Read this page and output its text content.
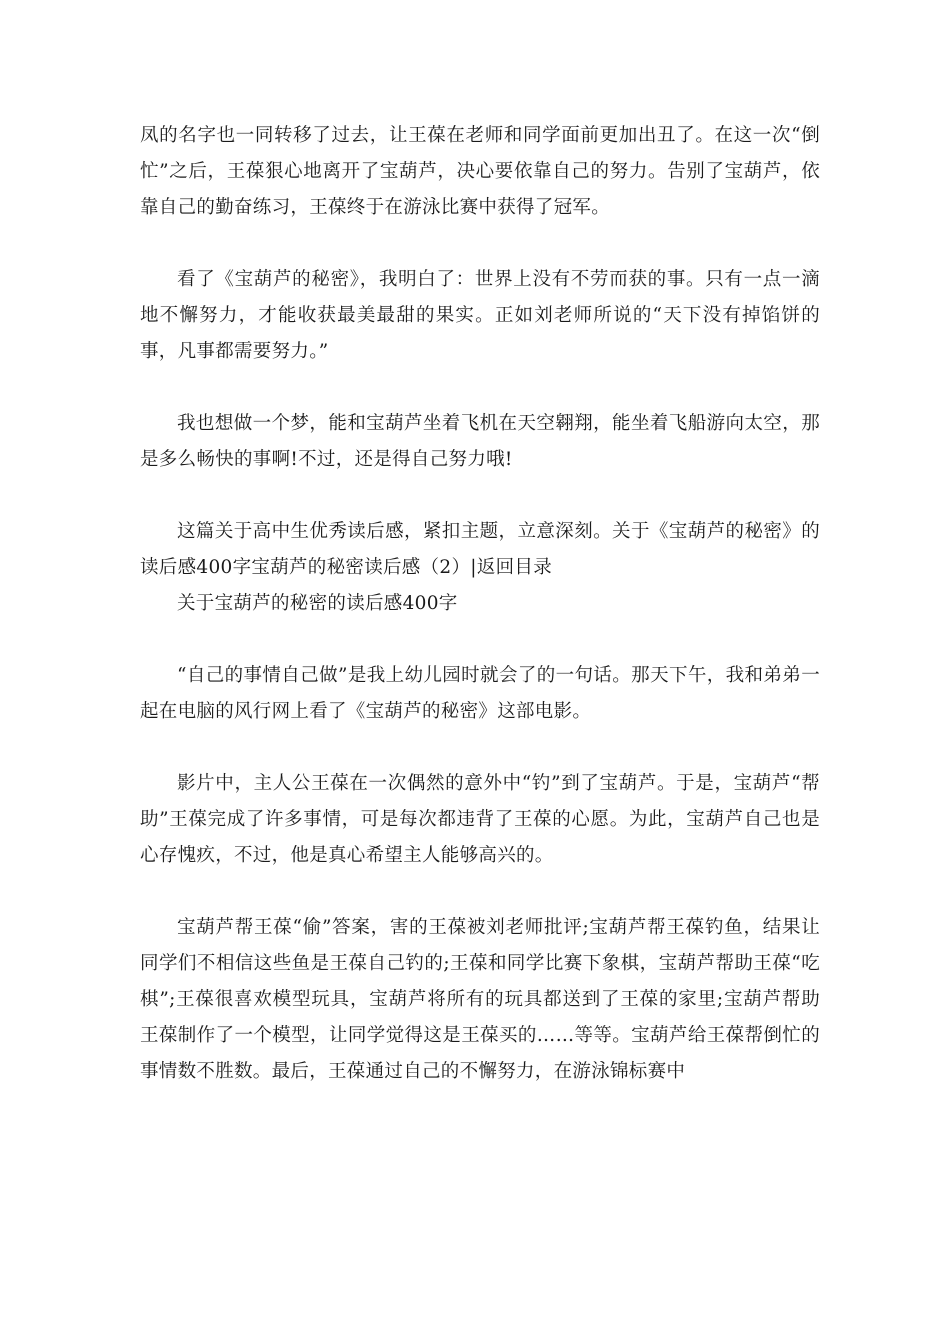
凤的名字也一同转移了过去，让王葆在老师和同学面前更加出丑了。在这一次“倒忙”之后，王葆狠心地离开了宝葫芦，决心要依靠自己的努力。告别了宝葫芦，依靠自己的勤奋练习，王葆终于在游泳比赛中获得了冠军。

看了《宝葫芦的秘密》，我明白了：世界上没有不劳而获的事。只有一点一滴地不懈努力，才能收获最美最甜的果实。正如刘老师所说的“天下没有掉馅饼的事，凡事都需要努力。”

我也想做一个梦，能和宝葫芦坐着飞机在天空翱翔，能坐着飞船游向太空，那是多么畅快的事啊!不过，还是得自己努力哦!

这篇关于高中生优秀读后感，紧扣主题，立意深刻。关于《宝葫芦的秘密》的读后感400字宝葫芦的秘密读后感（2）|返回目录

关于宝葫芦的秘密的读后感400字

“自己的事情自己做”是我上幼儿园时就会了的一句话。那天下午，我和弟弟一起在电脑的风行网上看了《宝葫芦的秘密》这部电影。

影片中，主人公王葆在一次偶然的意外中“钓”到了宝葫芦。于是，宝葫芦“帮助”王葆完成了许多事情，可是每次都违背了王葆的心愿。为此，宝葫芦自己也是心存愧疚，不过，他是真心希望主人能够高兴的。

宝葫芦帮王葆“偷”答案，害的王葆被刘老师批评;宝葫芦帮王葆钓鱼，结果让同学们不相信这些鱼是王葆自己钓的;王葆和同学比赛下象棋，宝葫芦帮助王葆“吃棋”;王葆很喜欢模型玩具，宝葫芦将所有的玩具都送到了王葆的家里;宝葫芦帮助王葆制作了一个模型，让同学觉得这是王葆买的……等等。宝葫芦给王葆帮倒忙的事情数不胜数。最后，王葆通过自己的不懈努力，在游泳锦标赛中
